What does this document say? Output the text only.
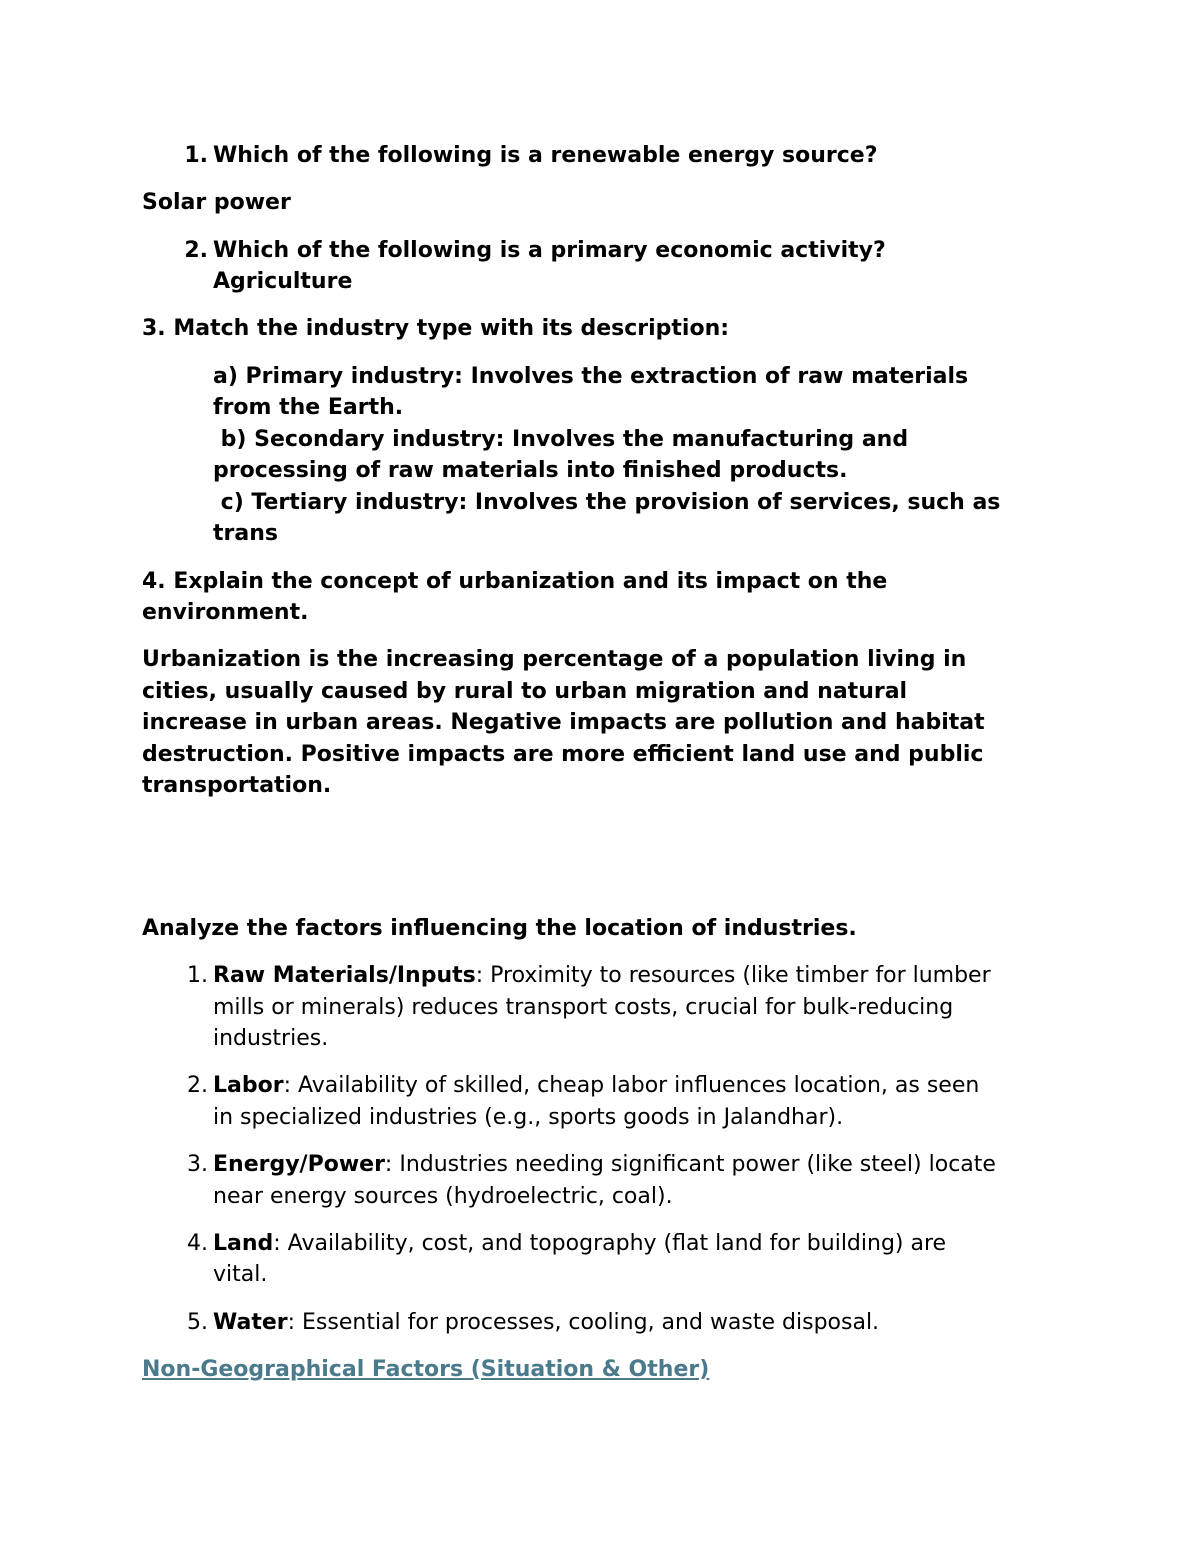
1. Which of the following is a renewable energy source?
Solar power
2. Which of the following is a primary economic activity?
Agriculture
3. Match the industry type with its description:
a) Primary industry: Involves the extraction of raw materials
from the Earth.
b) Secondary industry: Involves the manufacturing and
processing of raw materials into finished products.
c) Tertiary industry: Involves the provision of services, such as
trans
4. Explain the concept of urbanization and its impact on the
environment.
Urbanization is the increasing percentage of a population living in
cities, usually caused by rural to urban migration and natural
increase in urban areas. Negative impacts are pollution and habitat
destruction. Positive impacts are more efficient land use and public
transportation.
Analyze the factors influencing the location of industries.
1. Raw Materials/Inputs: Proximity to resources (like timber for lumber
mills or minerals) reduces transport costs, crucial for bulk-reducing
industries.
2. Labor: Availability of skilled, cheap labor influences location, as seen
in specialized industries (e.g., sports goods in Jalandhar).
3. Energy/Power: Industries needing significant power (like steel) locate
near energy sources (hydroelectric, coal).
4. Land: Availability, cost, and topography (flat land for building) are
vital.
5. Water: Essential for processes, cooling, and waste disposal.
Non-Geographical Factors (Situation & Other)
